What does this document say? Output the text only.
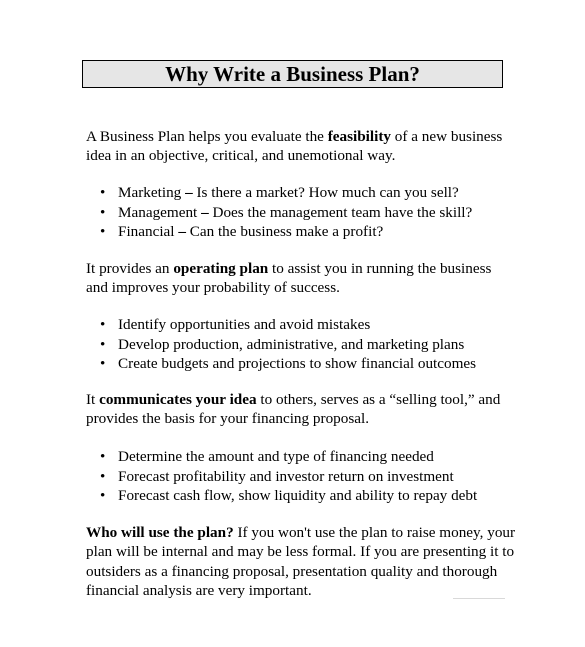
Why Write a Business Plan?

A Business Plan helps you evaluate the feasibility of a new business idea in an objective, critical, and unemotional way.

• Marketing – Is there a market? How much can you sell?
• Management – Does the management team have the skill?
• Financial – Can the business make a profit?

It provides an operating plan to assist you in running the business and improves your probability of success.

• Identify opportunities and avoid mistakes
• Develop production, administrative, and marketing plans
• Create budgets and projections to show financial outcomes

It communicates your idea to others, serves as a “selling tool,” and provides the basis for your financing proposal.

• Determine the amount and type of financing needed
• Forecast profitability and investor return on investment
• Forecast cash flow, show liquidity and ability to repay debt

Who will use the plan? If you won't use the plan to raise money, your plan will be internal and may be less formal. If you are presenting it to outsiders as a financing proposal, presentation quality and thorough financial analysis are very important.
